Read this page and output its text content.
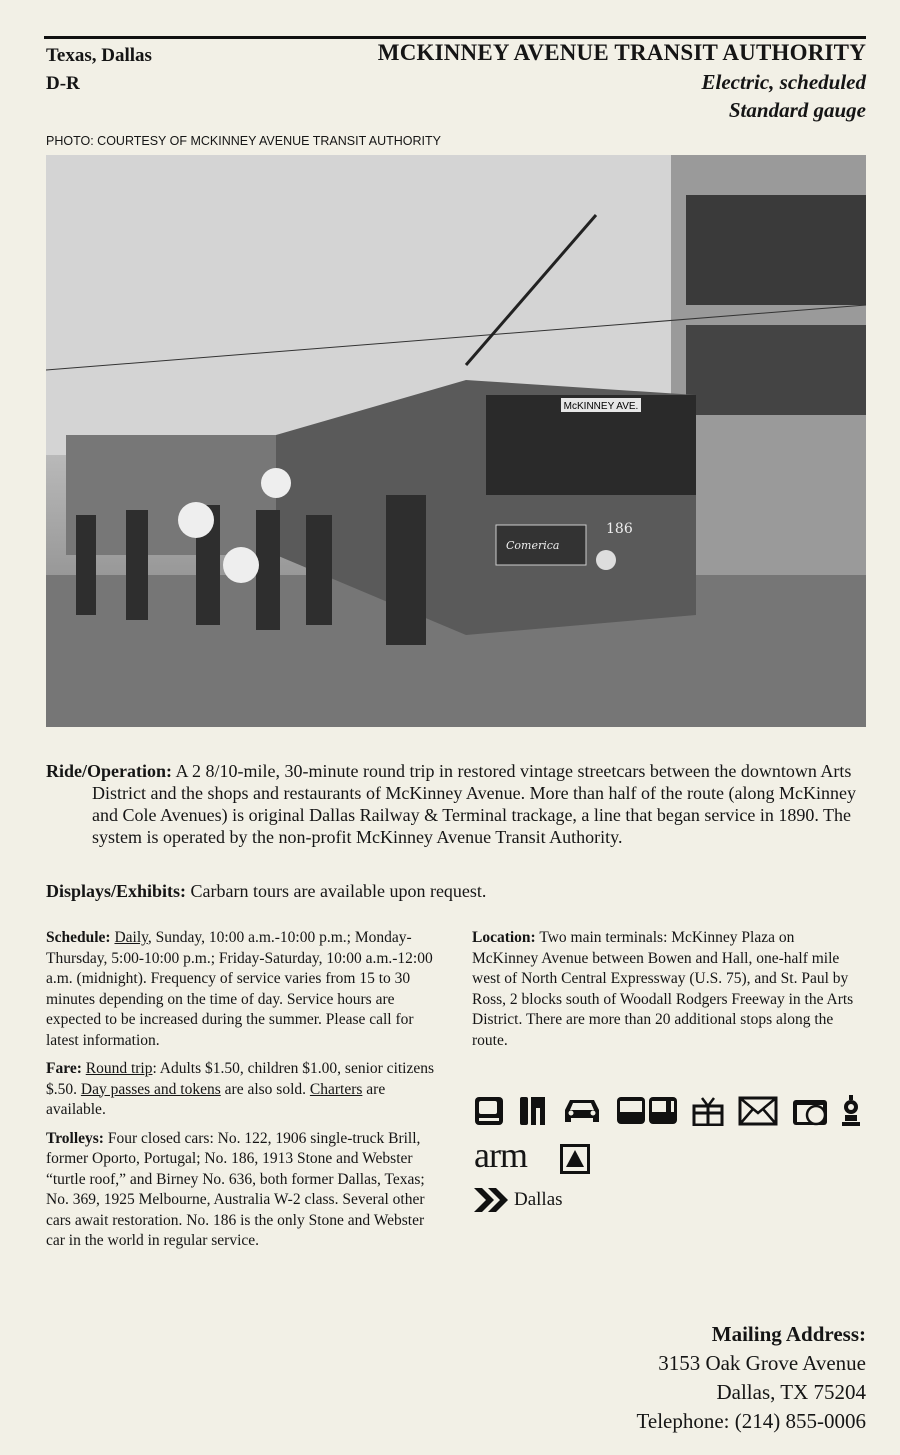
Texas, Dallas
D-R
MCKINNEY AVENUE TRANSIT AUTHORITY
Electric, scheduled
Standard gauge
PHOTO: COURTESY OF MCKINNEY AVENUE TRANSIT AUTHORITY
McKINNEY AVE.
Comerica
186
Ride/Operation: A 2 8/10-mile, 30-minute round trip in restored vintage streetcars between the downtown Arts District and the shops and restaurants of McKinney Avenue. More than half of the route (along McKinney and Cole Avenues) is original Dallas Railway & Terminal trackage, a line that began service in 1890. The system is operated by the non-profit McKinney Avenue Transit Authority.
Displays/Exhibits: Carbarn tours are available upon request.

Schedule: Daily, Sunday, 10:00 a.m.-10:00 p.m.; Monday-Thursday, 5:00-10:00 p.m.; Friday-Saturday, 10:00 a.m.-12:00 a.m. (midnight). Frequency of service varies from 15 to 30 minutes depending on the time of day. Service hours are expected to be increased during the summer. Please call for latest information.

Fare: Round trip: Adults $1.50, children $1.00, senior citizens $.50. Day passes and tokens are also sold. Charters are available.

Trolleys: Four closed cars: No. 122, 1906 single-truck Brill, former Oporto, Portugal; No. 186, 1913 Stone and Webster “turtle roof,” and Birney No. 636, both former Dallas, Texas; No. 369, 1925 Melbourne, Australia W-2 class. Several other cars await restoration. No. 186 is the only Stone and Webster car in the world in regular service.

Location: Two main terminals: McKinney Plaza on McKinney Avenue between Bowen and Hall, one-half mile west of North Central Expressway (U.S. 75), and St. Paul by Ross, 2 blocks south of Woodall Rodgers Freeway in the Arts District. There are more than 20 additional stops along the route.

arm
Dallas
Mailing Address:
3153 Oak Grove Avenue
Dallas, TX 75204
Telephone: (214) 855-0006
